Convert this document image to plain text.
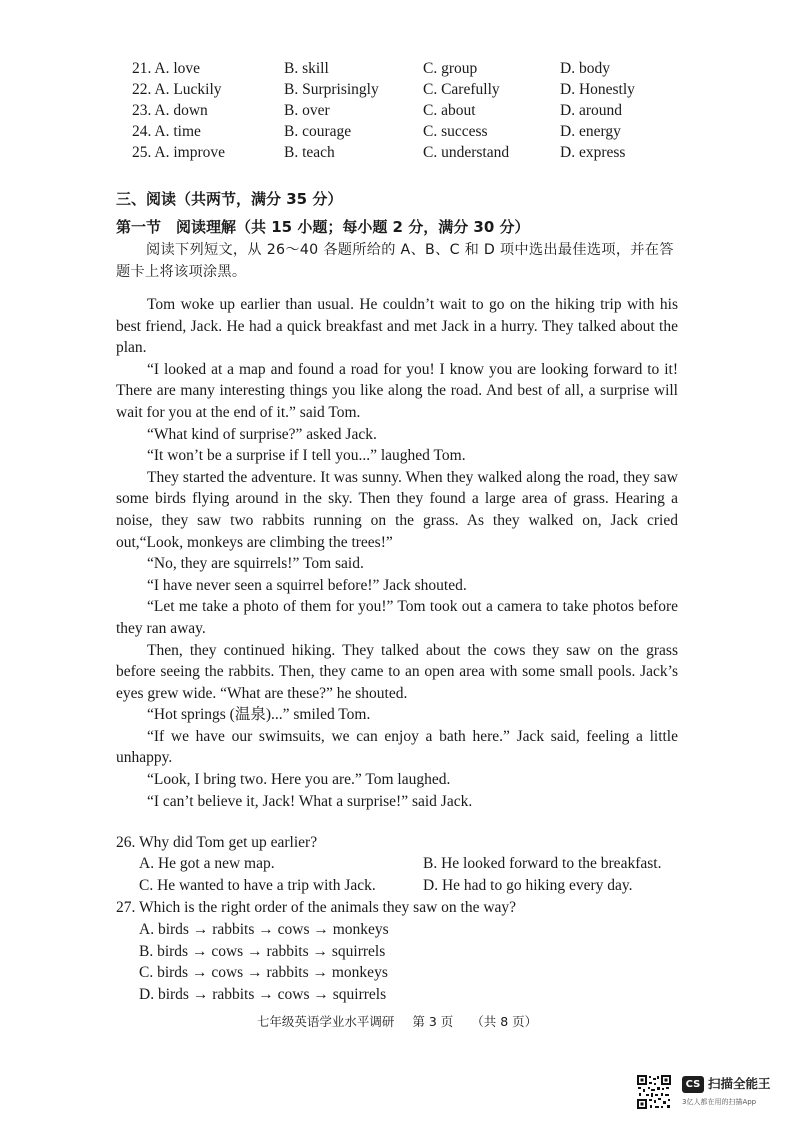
21. A. love	B. skill	C. group	D. body
22. A. Luckily	B. Surprisingly	C. Carefully	D. Honestly
23. A. down	B. over	C. about	D. around
24. A. time	B. courage	C. success	D. energy
25. A. improve	B. teach	C. understand	D. express
三、阅读（共两节，满分 35 分）
第一节　阅读理解（共 15 小题；每小题 2 分，满分 30 分）
阅读下列短文，从 26～40 各题所给的 A、B、C 和 D 项中选出最佳选项，并在答题卡上将该项涂黑。

Tom woke up earlier than usual. He couldn’t wait to go on the hiking trip with his best friend, Jack. He had a quick breakfast and met Jack in a hurry. They talked about the plan.

“I looked at a map and found a road for you! I know you are looking forward to it! There are many interesting things you like along the road. And best of all, a surprise will wait for you at the end of it.” said Tom.

“What kind of surprise?” asked Jack.

“It won’t be a surprise if I tell you...” laughed Tom.

They started the adventure. It was sunny. When they walked along the road, they saw some birds flying around in the sky. Then they found a large area of grass. Hearing a noise, they saw two rabbits running on the grass. As they walked on, Jack cried out,“Look, monkeys are climbing the trees!”

“No, they are squirrels!” Tom said.

“I have never seen a squirrel before!” Jack shouted.

“Let me take a photo of them for you!” Tom took out a camera to take photos before they ran away.

Then, they continued hiking. They talked about the cows they saw on the grass before seeing the rabbits. Then, they came to an open area with some small pools. Jack’s eyes grew wide. “What are these?” he shouted.

“Hot springs (温泉)...” smiled Tom.

“If we have our swimsuits, we can enjoy a bath here.” Jack said, feeling a little unhappy.

“Look, I bring two. Here you are.” Tom laughed.

“I can’t believe it, Jack! What a surprise!” said Jack.

26. Why did Tom get up earlier?
A. He got a new map.	B. He looked forward to the breakfast.
C. He wanted to have a trip with Jack.	D. He had to go hiking every day.
27. Which is the right order of the animals they saw on the way?
A. birds → rabbits → cows → monkeys
B. birds → cows → rabbits → squirrels
C. birds → cows → rabbits → monkeys
D. birds → rabbits → cows → squirrels
七年级英语学业水平调研 第 3 页 （共 8 页）
CS 扫描全能王
3亿人都在用的扫描App
